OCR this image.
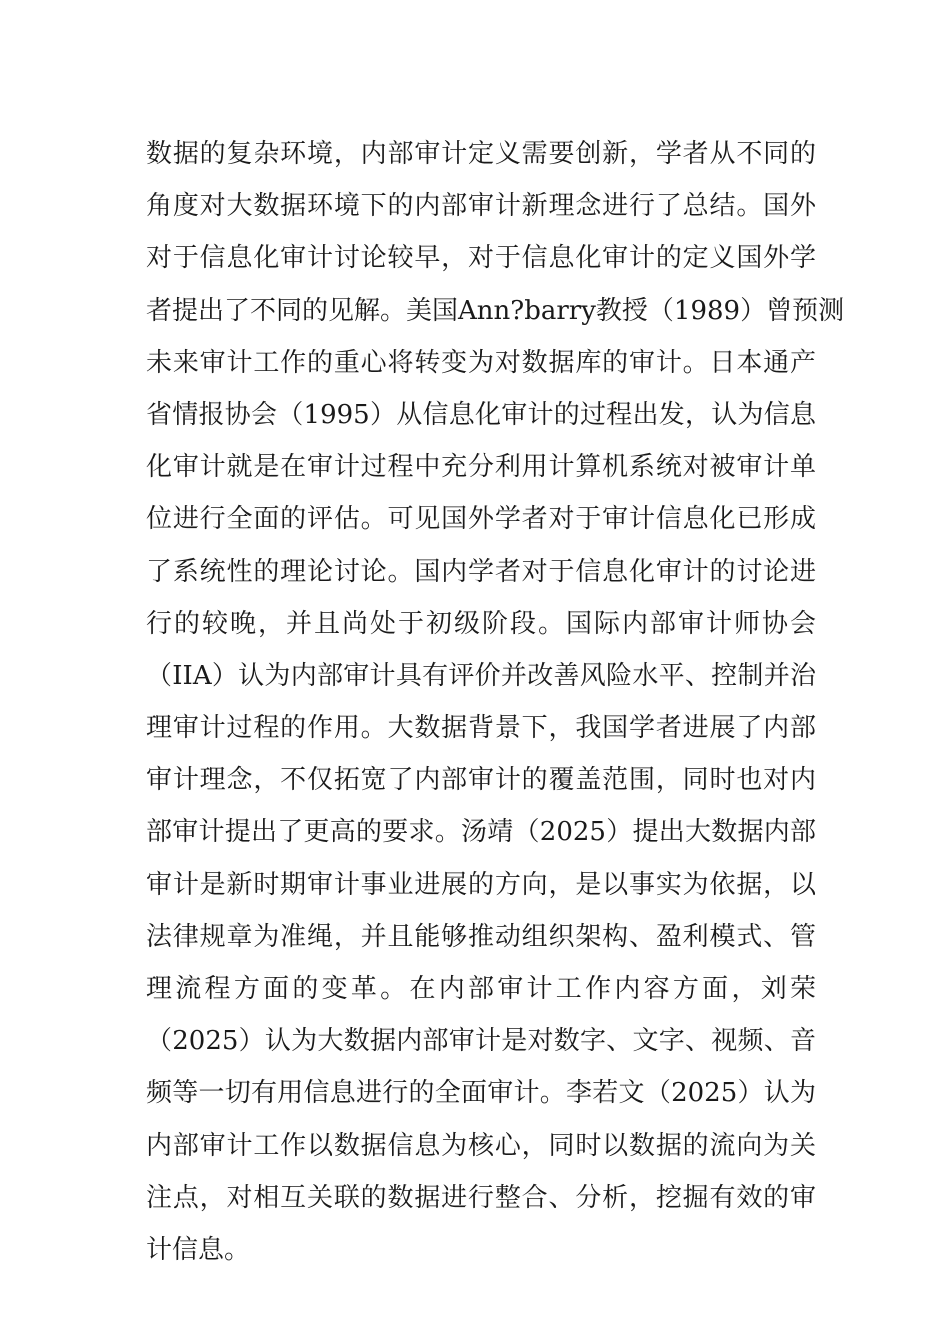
数据的复杂环境，内部审计定义需要创新，学者从不同的
角度对大数据环境下的内部审计新理念进行了总结。国外
对于信息化审计讨论较早，对于信息化审计的定义国外学
者提出了不同的见解。美国Ann?barry教授（1989）曾预测
未来审计工作的重心将转变为对数据库的审计。日本通产
省情报协会（1995）从信息化审计的过程出发，认为信息
化审计就是在审计过程中充分利用计算机系统对被审计单
位进行全面的评估。可见国外学者对于审计信息化已形成
了系统性的理论讨论。国内学者对于信息化审计的讨论进
行的较晚，并且尚处于初级阶段。国际内部审计师协会
（IIA）认为内部审计具有评价并改善风险水平、控制并治
理审计过程的作用。大数据背景下，我国学者进展了内部
审计理念，不仅拓宽了内部审计的覆盖范围，同时也对内
部审计提出了更高的要求。汤靖（2025）提出大数据内部
审计是新时期审计事业进展的方向，是以事实为依据，以
法律规章为准绳，并且能够推动组织架构、盈利模式、管
理流程方面的变革。在内部审计工作内容方面，刘荣
（2025）认为大数据内部审计是对数字、文字、视频、音
频等一切有用信息进行的全面审计。李若文（2025）认为
内部审计工作以数据信息为核心，同时以数据的流向为关
注点，对相互关联的数据进行整合、分析，挖掘有效的审
计信息。
